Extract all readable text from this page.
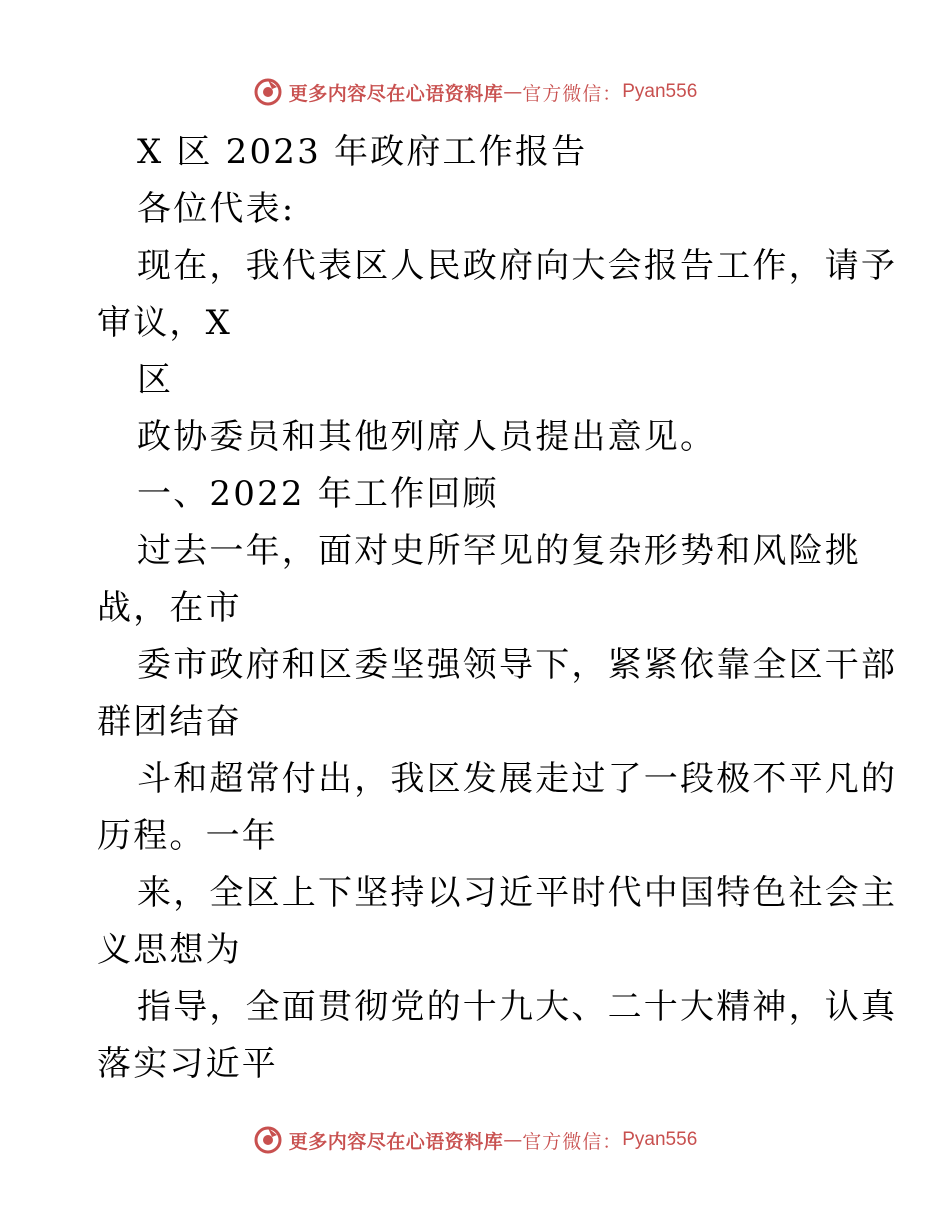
更多内容尽在心语资料库 — 官方微信： Pyan556
X 区 2023 年政府工作报告
各位代表:
现在，我代表区人民政府向大会报告工作，请予
审议，X
区
政协委员和其他列席人员提出意见。
一、2022 年工作回顾
过去一年，面对史所罕见的复杂形势和风险挑
战，在市
委市政府和区委坚强领导下，紧紧依靠全区干部
群团结奋
斗和超常付出，我区发展走过了一段极不平凡的
历程。一年
来，全区上下坚持以习近平时代中国特色社会主
义思想为
指导，全面贯彻党的十九大、二十大精神，认真
落实习近平
更多内容尽在心语资料库 — 官方微信： Pyan556
